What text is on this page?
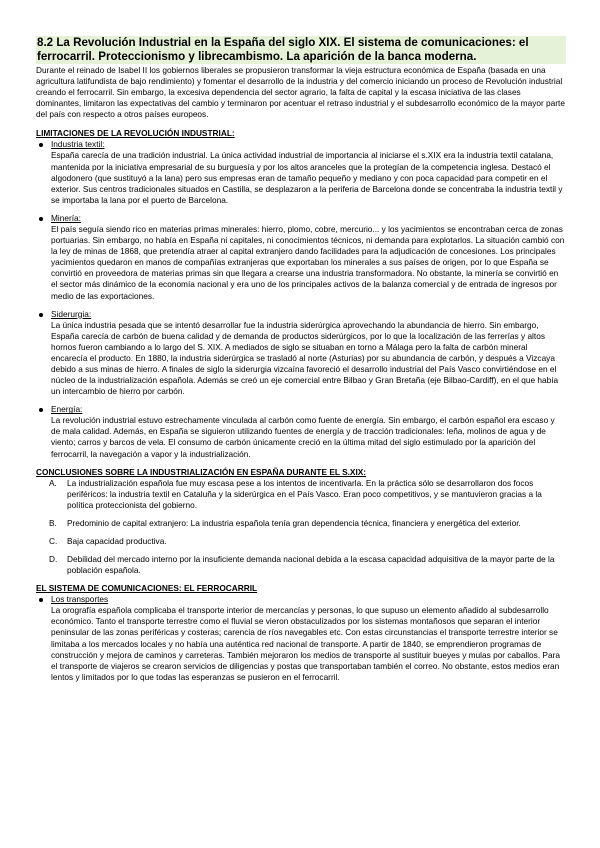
8.2 La Revolución Industrial en la España del siglo XIX. El sistema de comunicaciones: el ferrocarril. Proteccionismo y librecambismo. La aparición de la banca moderna.

Durante el reinado de Isabel II los gobiernos liberales se propusieron transformar la vieja estructura económica de España (basada en una agricultura latifundista de bajo rendimiento) y fomentar el desarrollo de la industria y del comercio iniciando un proceso de Revolución industrial creando el ferrocarril. Sin embargo, la excesiva dependencia del sector agrario, la falta de capital y la escasa iniciativa de las clases dominantes, limitaron las expectativas del cambio y terminaron por acentuar el retraso industrial y el subdesarrollo económico de la mayor parte del país con respecto a otros países europeos.

LIMITACIONES DE LA REVOLUCIÓN INDUSTRIAL:
Industria textil:

España carecía de una tradición industrial. La única actividad industrial de importancia al iniciarse el s.XIX era la industria textil catalana, mantenida por la iniciativa empresarial de su burguesía y por los altos aranceles que la protegían de la competencia inglesa. Destacó el algodonero (que sustituyó a la lana) pero sus empresas eran de tamaño pequeño y mediano y con poca capacidad para competir en el exterior. Sus centros tradicionales situados en Castilla, se desplazaron a la periferia de Barcelona donde se concentraba la industria textil y se importaba la lana por el puerto de Barcelona.

Minería:

El país seguía siendo rico en materias primas minerales: hierro, plomo, cobre, mercurio... y los yacimientos se encontraban cerca de zonas portuarias. Sin embargo, no había en España ni capitales, ni conocimientos técnicos, ni demanda para explotarlos. La situación cambió con la ley de minas de 1868, que pretendía atraer al capital extranjero dando facilidades para la adjudicación de concesiones. Los principales yacimientos quedaron en manos de compañías extranjeras que exportaban los minerales a sus países de origen, por lo que España se convirtió en proveedora de materias primas sin que llegara a crearse una industria transformadora. No obstante, la minería se convirtió en el sector más dinámico de la economía nacional y era uno de los principales activos de la balanza comercial y de entrada de ingresos por medio de las exportaciones.

Siderurgia:

La única industria pesada que se intentó desarrollar fue la industria siderúrgica aprovechando la abundancia de hierro. Sin embargo, España carecía de carbón de buena calidad y de demanda de productos siderúrgicos, por lo que la localización de las ferrerías y altos hornos fueron cambiando a lo largo del S. XIX. A mediados de siglo se situaban en torno a Málaga pero la falta de carbón mineral encarecía el producto. En 1880, la industria siderúrgica se trasladó al norte (Asturias) por su abundancia de carbón, y después a Vizcaya debido a sus minas de hierro. A finales de siglo la siderurgia vizcaína favoreció el desarrollo industrial del País Vasco convirtiéndose en el núcleo de la industrialización española. Además se creó un eje comercial entre Bilbao y Gran Bretaña (eje Bilbao-Cardiff), en el que había un intercambio de hierro por carbón.

Energía:

La revolución industrial estuvo estrechamente vinculada al carbón como fuente de energía. Sin embargo, el carbón español era escaso y de mala calidad. Además, en España se siguieron utilizando fuentes de energía y de tracción tradicionales: leña, molinos de agua y de viento; carros y barcos de vela. El consumo de carbón únicamente creció en la última mitad del siglo estimulado por la aparición del ferrocarril, la navegación a vapor y la industrialización.

CONCLUSIONES SOBRE LA INDUSTRIALIZACIÓN EN ESPAÑA DURANTE EL S.XIX:
A. La industrialización española fue muy escasa pese a los intentos de incentivarla. En la práctica sólo se desarrollaron dos focos periféricos: la industria textil en Cataluña y la siderúrgica en el País Vasco. Eran poco competitivos, y se mantuvieron gracias a la política proteccionista del gobierno.

B. Predominio de capital extranjero: La industria española tenía gran dependencia técnica, financiera y energética del exterior.

C. Baja capacidad productiva.

D. Debilidad del mercado interno por la insuficiente demanda nacional debida a la escasa capacidad adquisitiva de la mayor parte de la población española.

EL SISTEMA DE COMUNICACIONES: EL FERROCARRIL
Los transportes

La orografía española complicaba el transporte interior de mercancías y personas, lo que supuso un elemento añadido al subdesarrollo económico. Tanto el transporte terrestre como el fluvial se vieron obstaculizados por los sistemas montañosos que separan el interior peninsular de las zonas periféricas y costeras; carencia de ríos navegables etc. Con estas circunstancias el transporte terrestre interior se limitaba a los mercados locales y no había una auténtica red nacional de transporte. A partir de 1840, se emprendieron programas de construcción y mejora de caminos y carreteras. También mejoraron los medios de transporte al sustituir bueyes y mulas por caballos. Para el transporte de viajeros se crearon servicios de diligencias y postas que transportaban también el correo. No obstante, estos medios eran lentos y limitados por lo que todas las esperanzas se pusieron en el ferrocarril.
